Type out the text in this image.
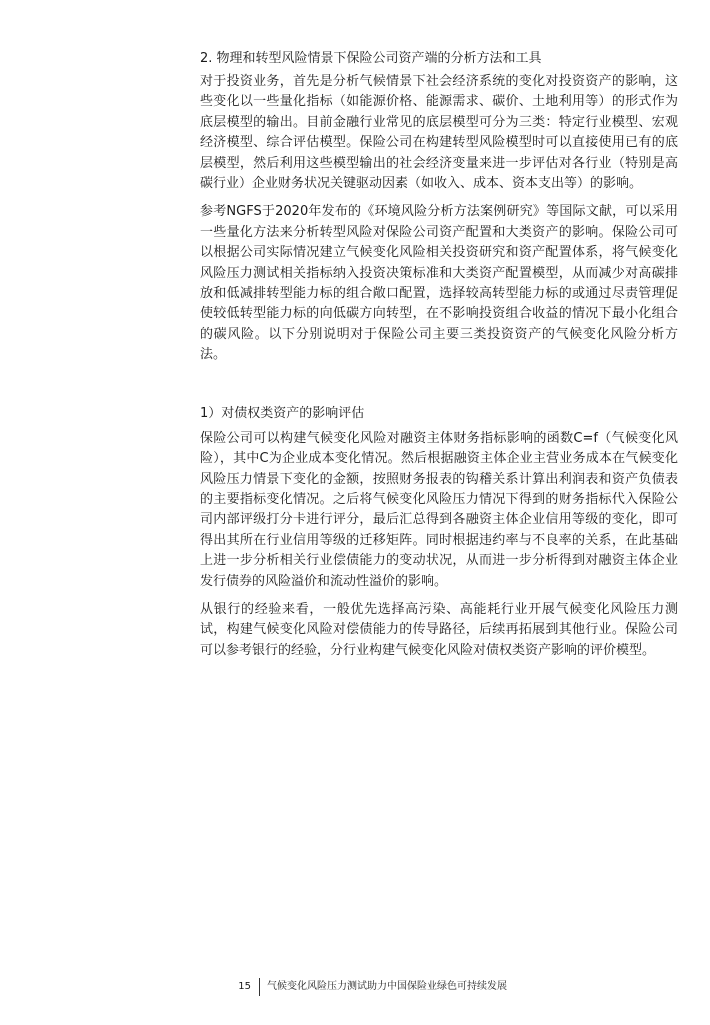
2. 物理和转型风险情景下保险公司资产端的分析方法和工具

对于投资业务，首先是分析气候情景下社会经济系统的变化对投资资产的影响，这些变化以一些量化指标（如能源价格、能源需求、碳价、土地利用等）的形式作为底层模型的输出。目前金融行业常见的底层模型可分为三类：特定行业模型、宏观经济模型、综合评估模型。保险公司在构建转型风险模型时可以直接使用已有的底层模型，然后利用这些模型输出的社会经济变量来进一步评估对各行业（特别是高碳行业）企业财务状况关键驱动因素（如收入、成本、资本支出等）的影响。

参考NGFS于2020年发布的《环境风险分析方法案例研究》等国际文献，可以采用一些量化方法来分析转型风险对保险公司资产配置和大类资产的影响。保险公司可以根据公司实际情况建立气候变化风险相关投资研究和资产配置体系，将气候变化风险压力测试相关指标纳入投资决策标准和大类资产配置模型，从而减少对高碳排放和低减排转型能力标的组合敞口配置，选择较高转型能力标的或通过尽责管理促使较低转型能力标的向低碳方向转型，在不影响投资组合收益的情况下最小化组合的碳风险。以下分别说明对于保险公司主要三类投资资产的气候变化风险分析方法。

1）对债权类资产的影响评估

保险公司可以构建气候变化风险对融资主体财务指标影响的函数C=f（气候变化风险），其中C为企业成本变化情况。然后根据融资主体企业主营业务成本在气候变化风险压力情景下变化的金额，按照财务报表的钩稽关系计算出利润表和资产负债表的主要指标变化情况。之后将气候变化风险压力情况下得到的财务指标代入保险公司内部评级打分卡进行评分，最后汇总得到各融资主体企业信用等级的变化，即可得出其所在行业信用等级的迁移矩阵。同时根据违约率与不良率的关系，在此基础上进一步分析相关行业偿债能力的变动状况，从而进一步分析得到对融资主体企业发行债券的风险溢价和流动性溢价的影响。

从银行的经验来看，一般优先选择高污染、高能耗行业开展气候变化风险压力测试，构建气候变化风险对偿债能力的传导路径，后续再拓展到其他行业。保险公司可以参考银行的经验，分行业构建气候变化风险对债权类资产影响的评价模型。

15 气候变化风险压力测试助力中国保险业绿色可持续发展
